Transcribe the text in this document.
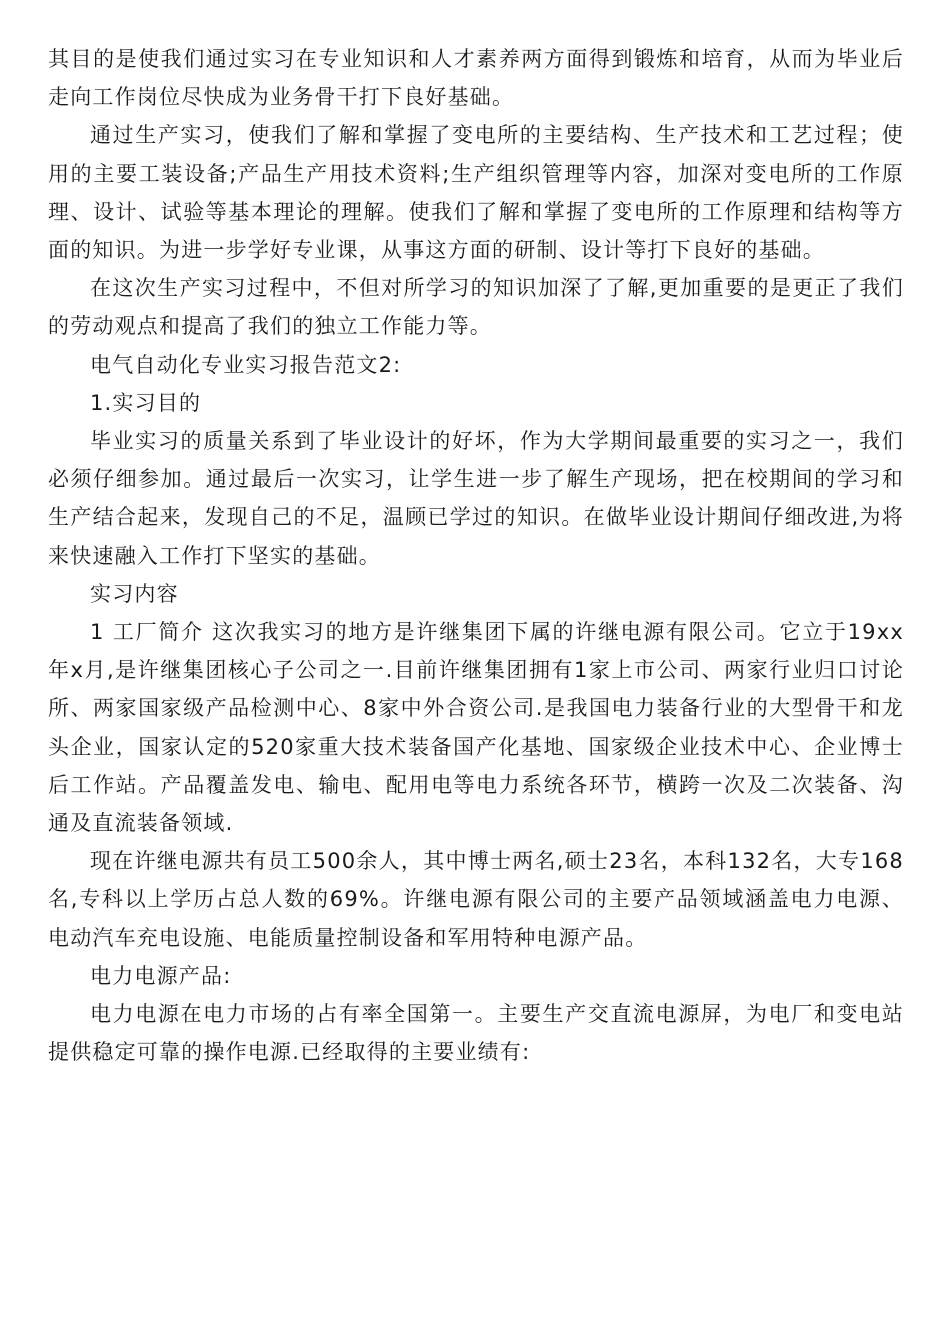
其目的是使我们通过实习在专业知识和人才素养两方面得到锻炼和培育，从而为毕业后走向工作岗位尽快成为业务骨干打下良好基础。

通过生产实习，使我们了解和掌握了变电所的主要结构、生产技术和工艺过程；使用的主要工装设备;产品生产用技术资料;生产组织管理等内容，加深对变电所的工作原理、设计、试验等基本理论的理解。使我们了解和掌握了变电所的工作原理和结构等方面的知识。为进一步学好专业课，从事这方面的研制、设计等打下良好的基础。

在这次生产实习过程中，不但对所学习的知识加深了了解,更加重要的是更正了我们的劳动观点和提高了我们的独立工作能力等。

电气自动化专业实习报告范文2:

1.实习目的

毕业实习的质量关系到了毕业设计的好坏，作为大学期间最重要的实习之一，我们必须仔细参加。通过最后一次实习，让学生进一步了解生产现场，把在校期间的学习和生产结合起来，发现自己的不足，温顾已学过的知识。在做毕业设计期间仔细改进,为将来快速融入工作打下坚实的基础。

实习内容

1 工厂简介 这次我实习的地方是许继集团下属的许继电源有限公司。它立于19xx年x月,是许继集团核心子公司之一.目前许继集团拥有1家上市公司、两家行业归口讨论所、两家国家级产品检测中心、8家中外合资公司.是我国电力装备行业的大型骨干和龙头企业，国家认定的520家重大技术装备国产化基地、国家级企业技术中心、企业博士后工作站。产品覆盖发电、输电、配用电等电力系统各环节，横跨一次及二次装备、沟通及直流装备领域.

现在许继电源共有员工500余人，其中博士两名,硕士23名，本科132名，大专168名,专科以上学历占总人数的69%。许继电源有限公司的主要产品领域涵盖电力电源、电动汽车充电设施、电能质量控制设备和军用特种电源产品。

电力电源产品:

电力电源在电力市场的占有率全国第一。主要生产交直流电源屏，为电厂和变电站提供稳定可靠的操作电源.已经取得的主要业绩有:
